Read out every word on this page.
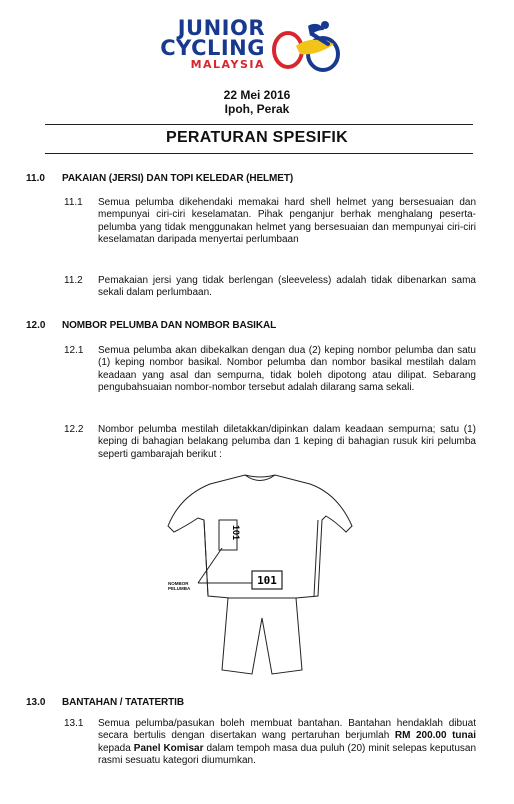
JUNIOR
CYCLING
MALAYSIA
22 Mei 2016
Ipoh, Perak
PERATURAN SPESIFIK
11.0 PAKAIAN (JERSI) DAN TOPI KELEDAR (HELMET)
11.1 Semua pelumba dikehendaki memakai hard shell helmet yang bersesuaian dan mempunyai ciri-ciri keselamatan. Pihak penganjur berhak menghalang peserta-pelumba yang tidak menggunakan helmet yang bersesuaian dan mempunyai ciri-ciri keselamatan daripada menyertai perlumbaan

11.2 Pemakaian jersi yang tidak berlengan (sleeveless) adalah tidak dibenarkan sama sekali dalam perlumbaan.

12.0 NOMBOR PELUMBA DAN NOMBOR BASIKAL
12.1 Semua pelumba akan dibekalkan dengan dua (2) keping nombor pelumba dan satu (1) keping nombor basikal. Nombor pelumba dan nombor basikal mestilah dalam keadaan yang asal dan sempurna, tidak boleh dipotong atau dilipat. Sebarang pengubahsuaian nombor-nombor tersebut adalah dilarang sama sekali.

12.2 Nombor pelumba mestilah diletakkan/dipinkan dalam keadaan sempurna; satu (1) keping di bahagian belakang pelumba dan 1 keping di bahagian rusuk kiri pelumba seperti gambarajah berikut :

101
101
NOMBOR
PELUMBA
13.0 BANTAHAN / TATATERTIB
13.1 Semua pelumba/pasukan boleh membuat bantahan. Bantahan hendaklah dibuat secara bertulis dengan disertakan wang pertaruhan berjumlah RM 200.00 tunai kepada Panel Komisar dalam tempoh masa dua puluh (20) minit selepas keputusan rasmi sesuatu kategori diumumkan.
